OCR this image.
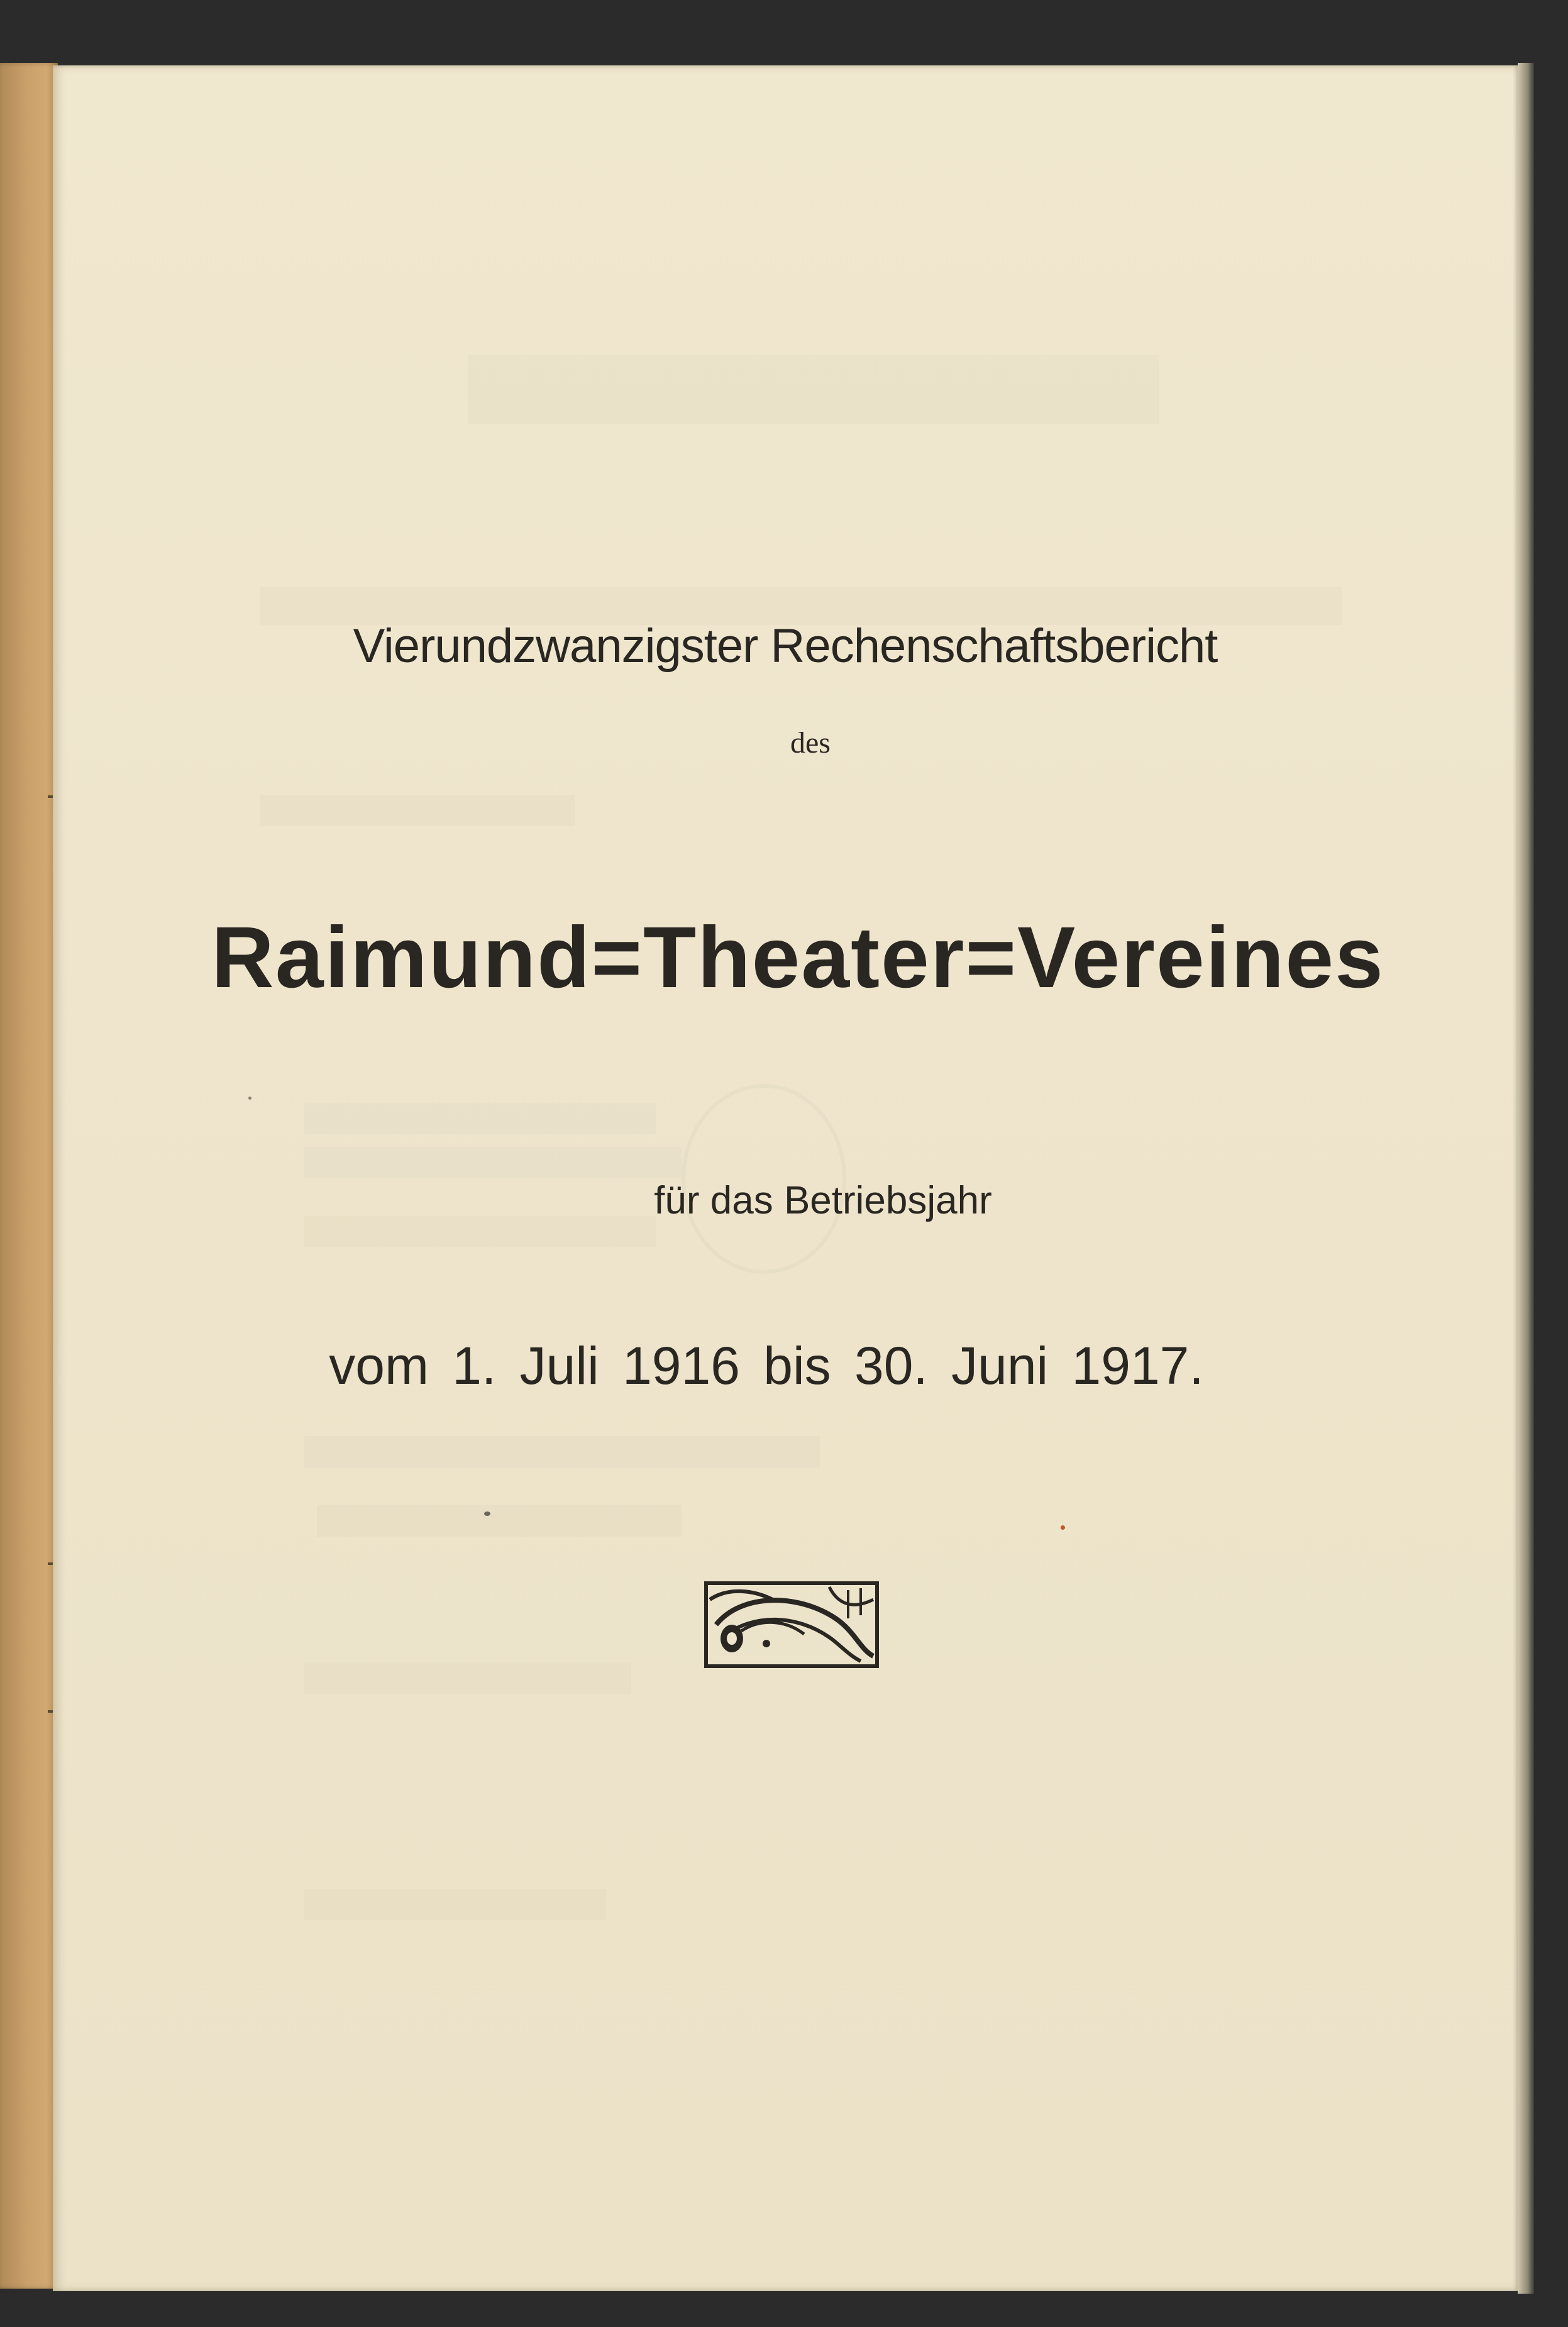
Vierundzwanzigster Rechenschaftsbericht
des
Raimund=Theater=Vereines
für das Betriebsjahr
vom 1. Juli 1916 bis 30. Juni 1917.
